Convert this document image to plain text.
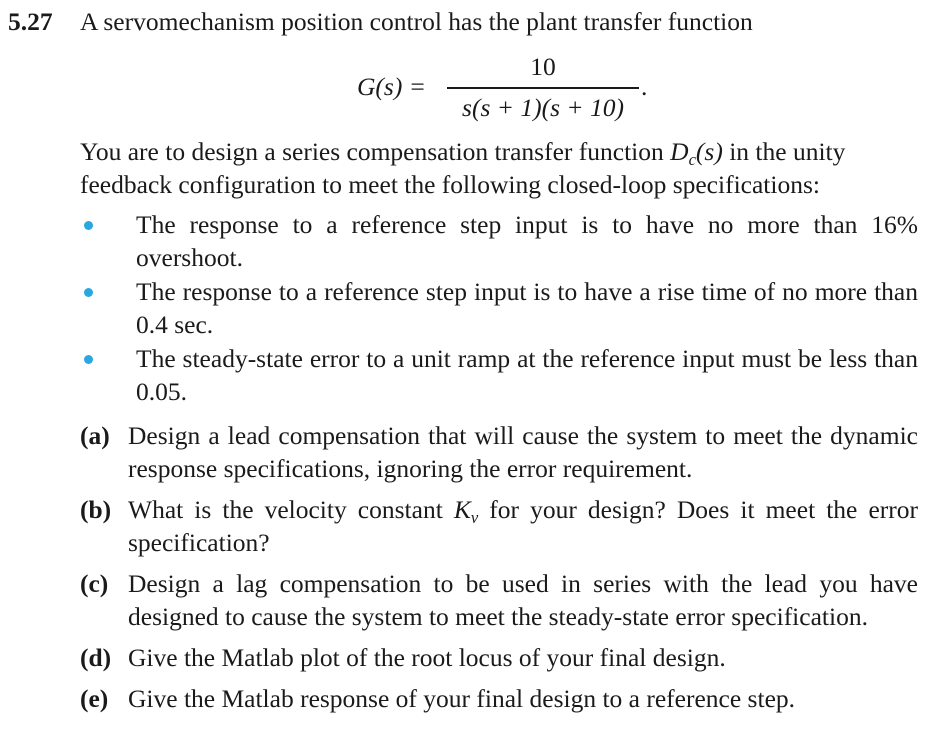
5.27 A servomechanism position control has the plant transfer function
G(s) =
10
s(s + 1)(s + 10)
.
You are to design a series compensation transfer function $D_c(s)$ in the unity feedback configuration to meet the following closed-loop specifications:
The response to a reference step input is to have no more than 16% overshoot.
The response to a reference step input is to have a rise time of no more than 0.4 sec.
The steady-state error to a unit ramp at the reference input must be less than 0.05.
(a) Design a lead compensation that will cause the system to meet the dynamic response specifications, ignoring the error requirement.
(b) What is the velocity constant $K_v$ for your design? Does it meet the error specification?
(c) Design a lag compensation to be used in series with the lead you have designed to cause the system to meet the steady-state error specification.
(d) Give the Matlab plot of the root locus of your final design.
(e) Give the Matlab response of your final design to a reference step.
